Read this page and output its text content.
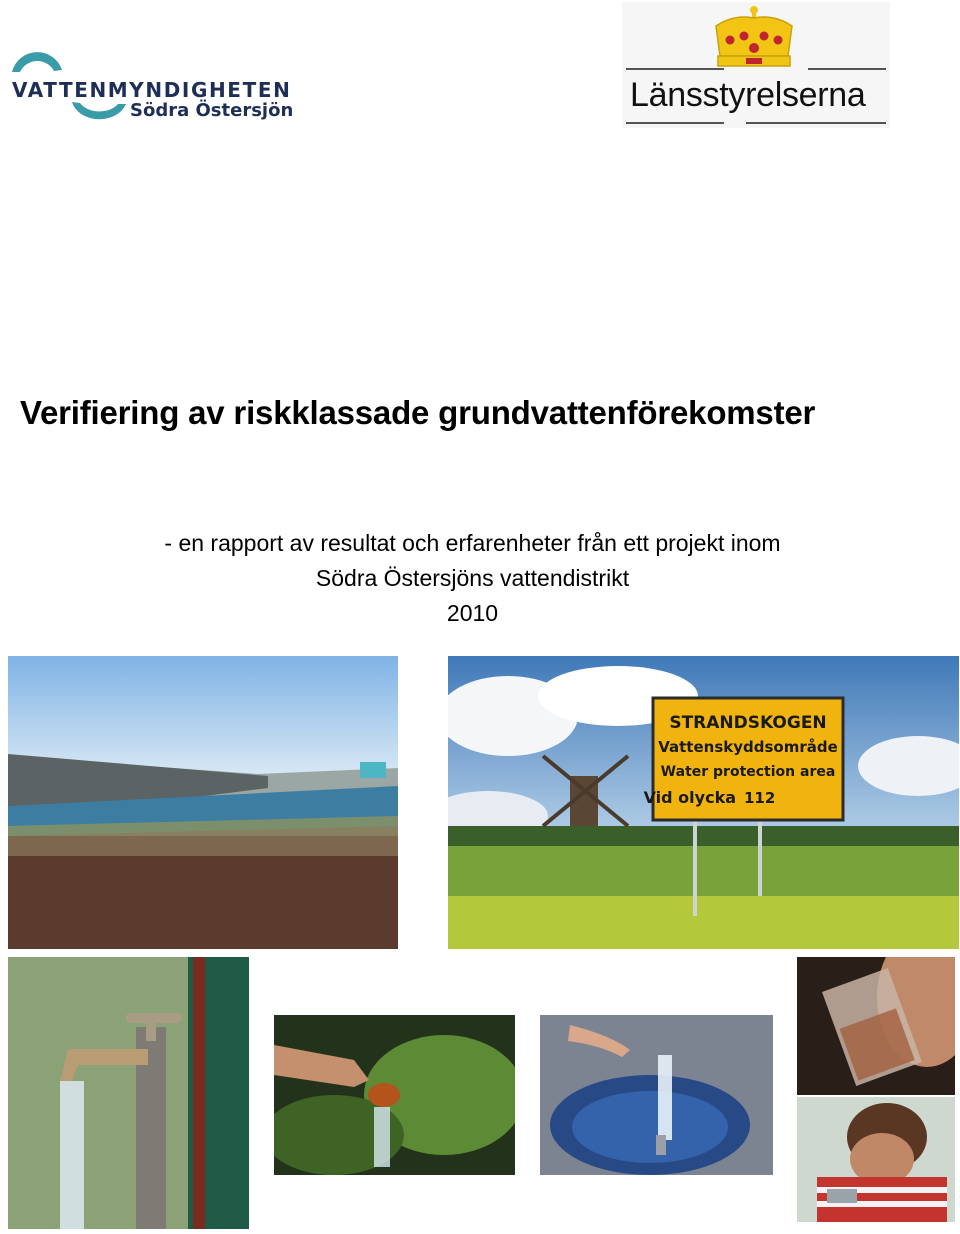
VATTENMYNDIGHETEN
Södra Östersjön	Länsstyrelserna
Verifiering av riskklassade grundvattenförekomster
- en rapport av resultat och erfarenheter från ett projekt inom
Södra Östersjöns vattendistrikt
2010
STRANDSKOGEN
Vattenskyddsområde
Water protection area
Vid olycka 112
